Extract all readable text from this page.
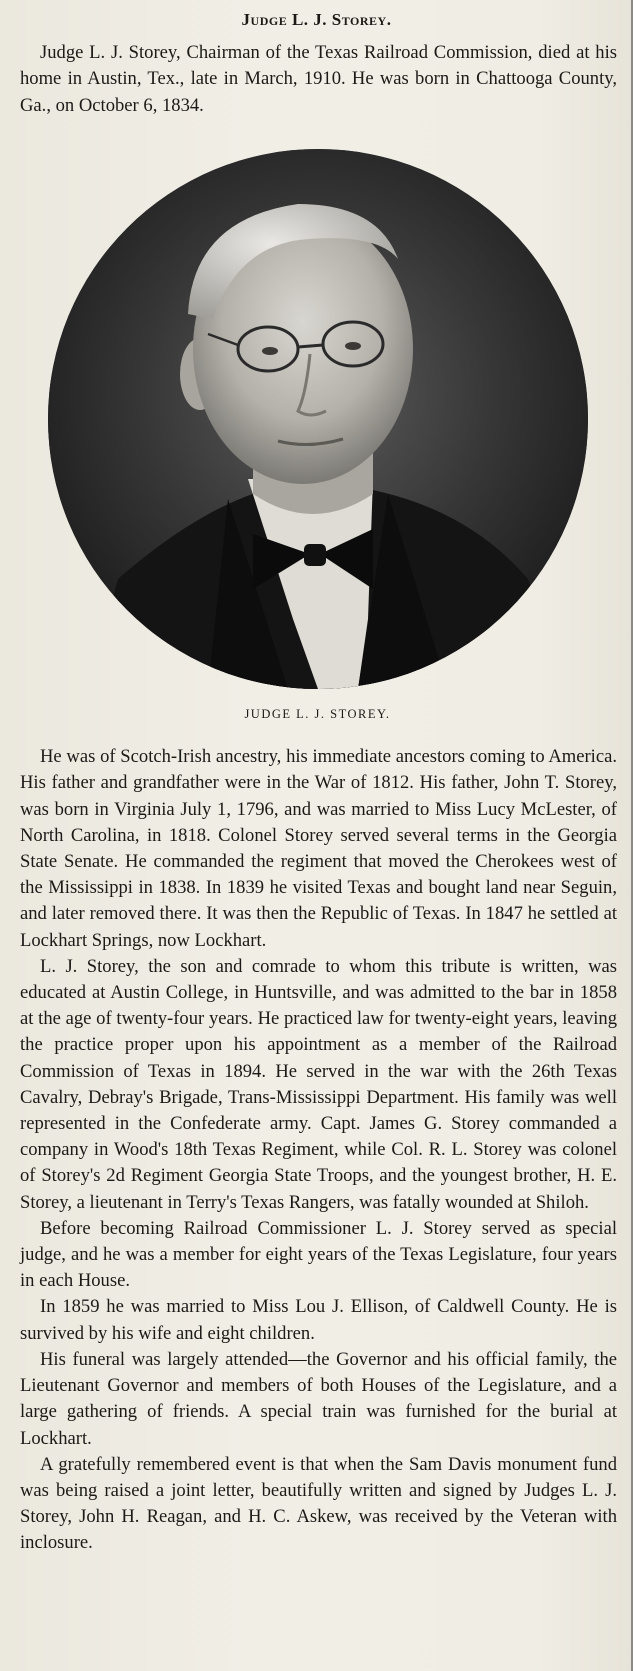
Judge L. J. Storey.

Judge L. J. Storey, Chairman of the Texas Railroad Commission, died at his home in Austin, Tex., late in March, 1910. He was born in Chattooga County, Ga., on October 6, 1834.

JUDGE L. J. STOREY.

He was of Scotch-Irish ancestry, his immediate ancestors coming to America. His father and grandfather were in the War of 1812. His father, John T. Storey, was born in Virginia July 1, 1796, and was married to Miss Lucy McLester, of North Carolina, in 1818. Colonel Storey served several terms in the Georgia State Senate. He commanded the regiment that moved the Cherokees west of the Mississippi in 1838. In 1839 he visited Texas and bought land near Seguin, and later removed there. It was then the Republic of Texas. In 1847 he settled at Lockhart Springs, now Lockhart.

L. J. Storey, the son and comrade to whom this tribute is written, was educated at Austin College, in Huntsville, and was admitted to the bar in 1858 at the age of twenty-four years. He practiced law for twenty-eight years, leaving the practice proper upon his appointment as a member of the Railroad Commission of Texas in 1894. He served in the war with the 26th Texas Cavalry, Debray's Brigade, Trans-Mississippi Department. His family was well represented in the Confederate army. Capt. James G. Storey commanded a company in Wood's 18th Texas Regiment, while Col. R. L. Storey was colonel of Storey's 2d Regiment Georgia State Troops, and the youngest brother, H. E. Storey, a lieutenant in Terry's Texas Rangers, was fatally wounded at Shiloh.

Before becoming Railroad Commissioner L. J. Storey served as special judge, and he was a member for eight years of the Texas Legislature, four years in each House.

In 1859 he was married to Miss Lou J. Ellison, of Caldwell County. He is survived by his wife and eight children.

His funeral was largely attended—the Governor and his official family, the Lieutenant Governor and members of both Houses of the Legislature, and a large gathering of friends. A special train was furnished for the burial at Lockhart.

A gratefully remembered event is that when the Sam Davis monument fund was being raised a joint letter, beautifully written and signed by Judges L. J. Storey, John H. Reagan, and H. C. Askew, was received by the Veteran with inclosure.
